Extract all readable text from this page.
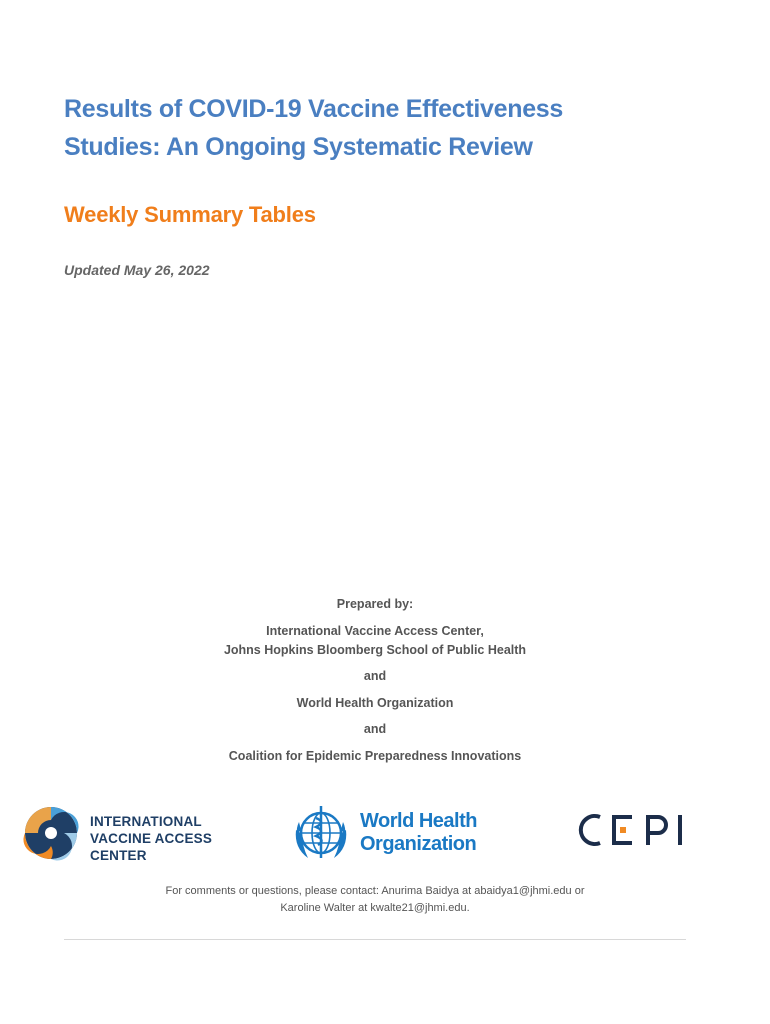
Results of COVID-19 Vaccine Effectiveness
Studies: An Ongoing Systematic Review
Weekly Summary Tables
Updated May 26, 2022
Prepared by:
International Vaccine Access Center,
Johns Hopkins Bloomberg School of Public Health
and
World Health Organization
and
Coalition for Epidemic Preparedness Innovations
INTERNATIONAL
VACCINE ACCESS
CENTER
World Health
Organization
For comments or questions, please contact: Anurima Baidya at abaidya1@jhmi.edu or
Karoline Walter at kwalte21@jhmi.edu.
